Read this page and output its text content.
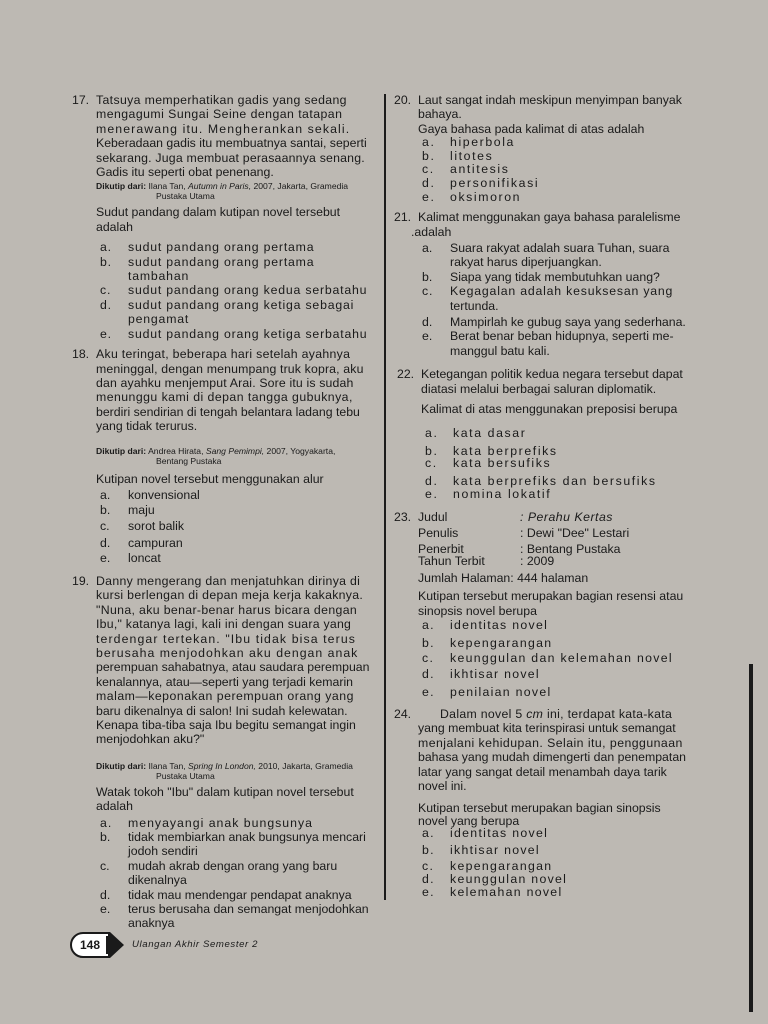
17. Tatsuya memperhatikan gadis yang sedang
mengagumi Sungai Seine dengan tatapan
menerawang itu. Mengherankan sekali.
Keberadaan gadis itu membuatnya santai, seperti
sekarang. Juga membuat perasaannya senang.
Gadis itu seperti obat penenang.
Dikutip dari: Ilana Tan, Autumn in Paris, 2007, Jakarta, Gramedia
Pustaka Utama
Sudut pandang dalam kutipan novel tersebut
adalah
a. sudut pandang orang pertama
b. sudut pandang orang pertama tambahan
c. sudut pandang orang kedua serbatahu
d. sudut pandang orang ketiga sebagai
pengamat
e. sudut pandang orang ketiga serbatahu
18. Aku teringat, beberapa hari setelah ayahnya
meninggal, dengan menumpang truk kopra, aku
dan ayahku menjemput Arai. Sore itu is sudah
menunggu kami di depan tangga gubuknya,
berdiri sendirian di tengah belantara ladang tebu
yang tidak terurus.
Dikutip dari: Andrea Hirata, Sang Pemimpi, 2007, Yogyakarta,
Bentang Pustaka
Kutipan novel tersebut menggunakan alur
a. konvensional
b. maju
c. sorot balik
d. campuran
e. loncat
19. Danny mengerang dan menjatuhkan dirinya di
kursi berlengan di depan meja kerja kakaknya.
"Nuna, aku benar-benar harus bicara dengan
Ibu," katanya lagi, kali ini dengan suara yang
terdengar tertekan. "Ibu tidak bisa terus
berusaha menjodohkan aku dengan anak
perempuan sahabatnya, atau saudara perempuan
kenalannya, atau—seperti yang terjadi kemarin
malam—keponakan perempuan orang yang
baru dikenalnya di salon! Ini sudah kelewatan.
Kenapa tiba-tiba saja Ibu begitu semangat ingin
menjodohkan aku?"
Dikutip dari: Ilana Tan, Spring In London, 2010, Jakarta, Gramedia
Pustaka Utama
Watak tokoh "Ibu" dalam kutipan novel tersebut
adalah
a. menyayangi anak bungsunya
b. tidak membiarkan anak bungsunya mencari
jodoh sendiri
c. mudah akrab dengan orang yang baru
dikenalnya
d. tidak mau mendengar pendapat anaknya
e. terus berusaha dan semangat menjodohkan
anaknya
20. Laut sangat indah meskipun menyimpan banyak
bahaya.
Gaya bahasa pada kalimat di atas adalah
a. hiperbola
b. litotes
c. antitesis
d. personifikasi
e. oksimoron
21. Kalimat menggunakan gaya bahasa paralelisme
.adalah
a. Suara rakyat adalah suara Tuhan, suara
rakyat harus diperjuangkan.
b. Siapa yang tidak membutuhkan uang?
c. Kegagalan adalah kesuksesan yang
tertunda.
d. Mampirlah ke gubug saya yang sederhana.
e. Berat benar beban hidupnya, seperti me-
manggul batu kali.
22. Ketegangan politik kedua negara tersebut dapat
diatasi melalui berbagai saluran diplomatik.
Kalimat di atas menggunakan preposisi berupa
a. kata dasar
b. kata berprefiks
c. kata bersufiks
d. kata berprefiks dan bersufiks
e. nomina lokatif
23. Judul	: Perahu Kertas
Penulis	: Dewi "Dee" Lestari
Penerbit	: Bentang Pustaka
Tahun Terbit	: 2009
Jumlah Halaman: 444 halaman
Kutipan tersebut merupakan bagian resensi atau
sinopsis novel berupa
a. identitas novel
b. kepengarangan
c. keunggulan dan kelemahan novel
d. ikhtisar novel
e. penilaian novel
24.	Dalam novel 5 cm ini, terdapat kata-kata
yang membuat kita terinspirasi untuk semangat
menjalani kehidupan. Selain itu, penggunaan
bahasa yang mudah dimengerti dan penempatan
latar yang sangat detail menambah daya tarik
novel ini.
Kutipan tersebut merupakan bagian sinopsis
novel yang berupa
a. identitas novel
b. ikhtisar novel
c. kepengarangan
d. keunggulan novel
e. kelemahan novel
148	Ulangan Akhir Semester 2
